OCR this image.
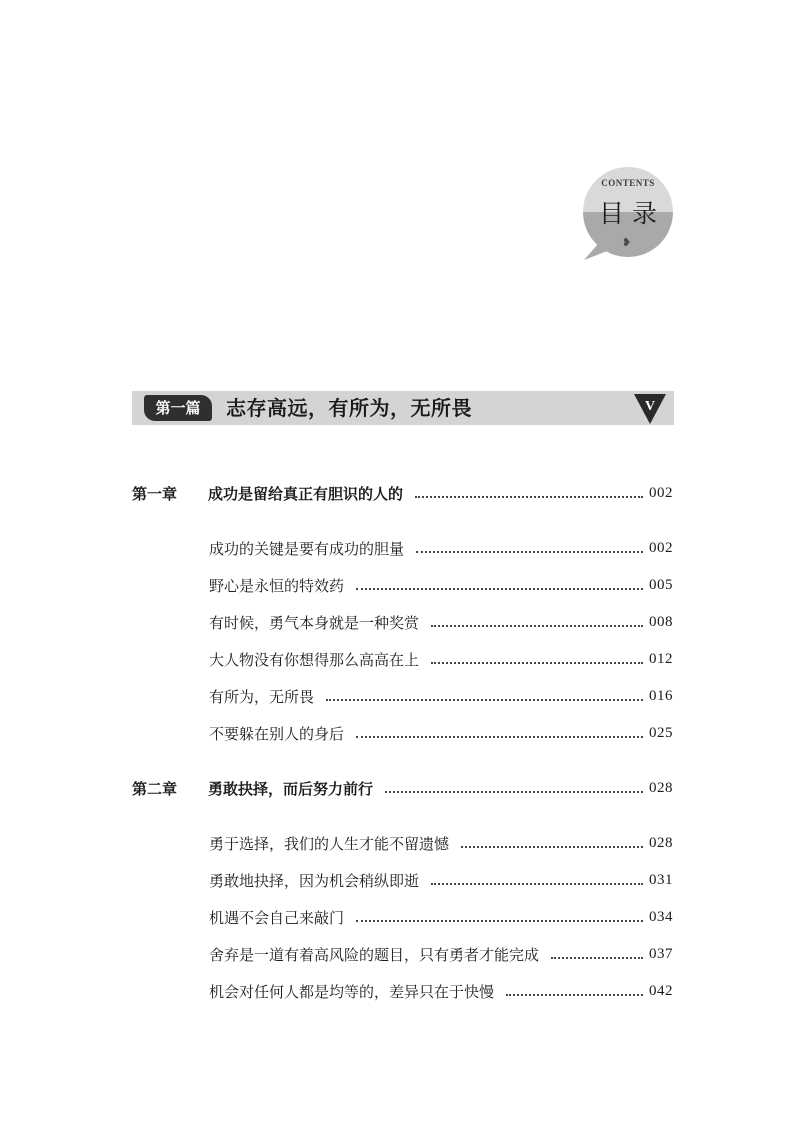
CONTENTS
目录
❥
第一篇	志存高远，有所为，无所畏	V
第一章	成功是留给真正有胆识的人的	002
成功的关键是要有成功的胆量	002
野心是永恒的特效药	005
有时候，勇气本身就是一种奖赏	008
大人物没有你想得那么高高在上	012
有所为，无所畏	016
不要躲在别人的身后	025
第二章	勇敢抉择，而后努力前行	028
勇于选择，我们的人生才能不留遗憾	028
勇敢地抉择，因为机会稍纵即逝	031
机遇不会自己来敲门	034
舍弃是一道有着高风险的题目，只有勇者才能完成	037
机会对任何人都是均等的，差异只在于快慢	042
